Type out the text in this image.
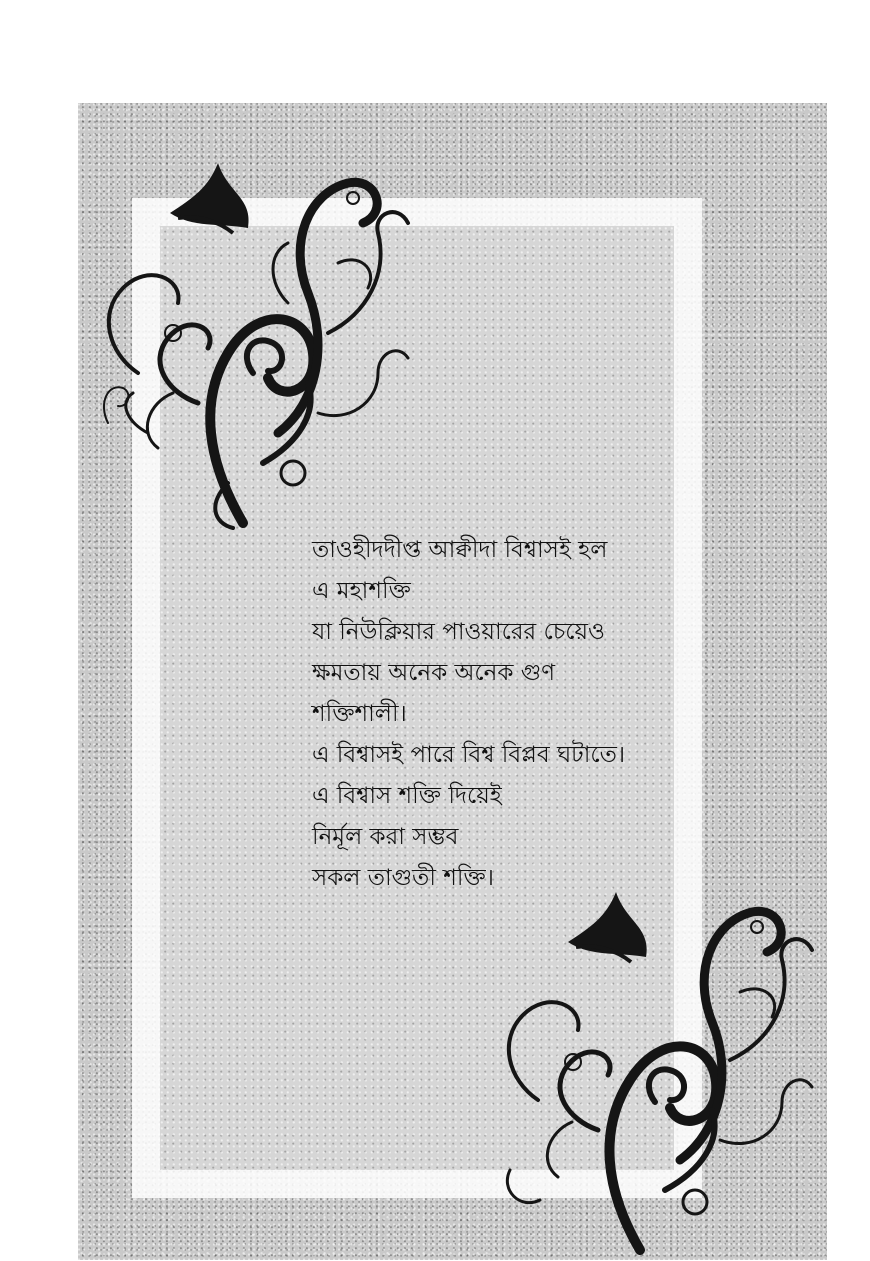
তাওহীদদীপ্ত আক্বীদা বিশ্বাসই হল
এ মহাশক্তি
যা নিউক্লিয়ার পাওয়ারের চেয়েও
ক্ষমতায় অনেক অনেক গুণ
শক্তিশালী।
এ বিশ্বাসই পারে বিশ্ব বিপ্লব ঘটাতে।
এ বিশ্বাস শক্তি দিয়েই
নির্মূল করা সম্ভব
সকল তাগুতী শক্তি।
